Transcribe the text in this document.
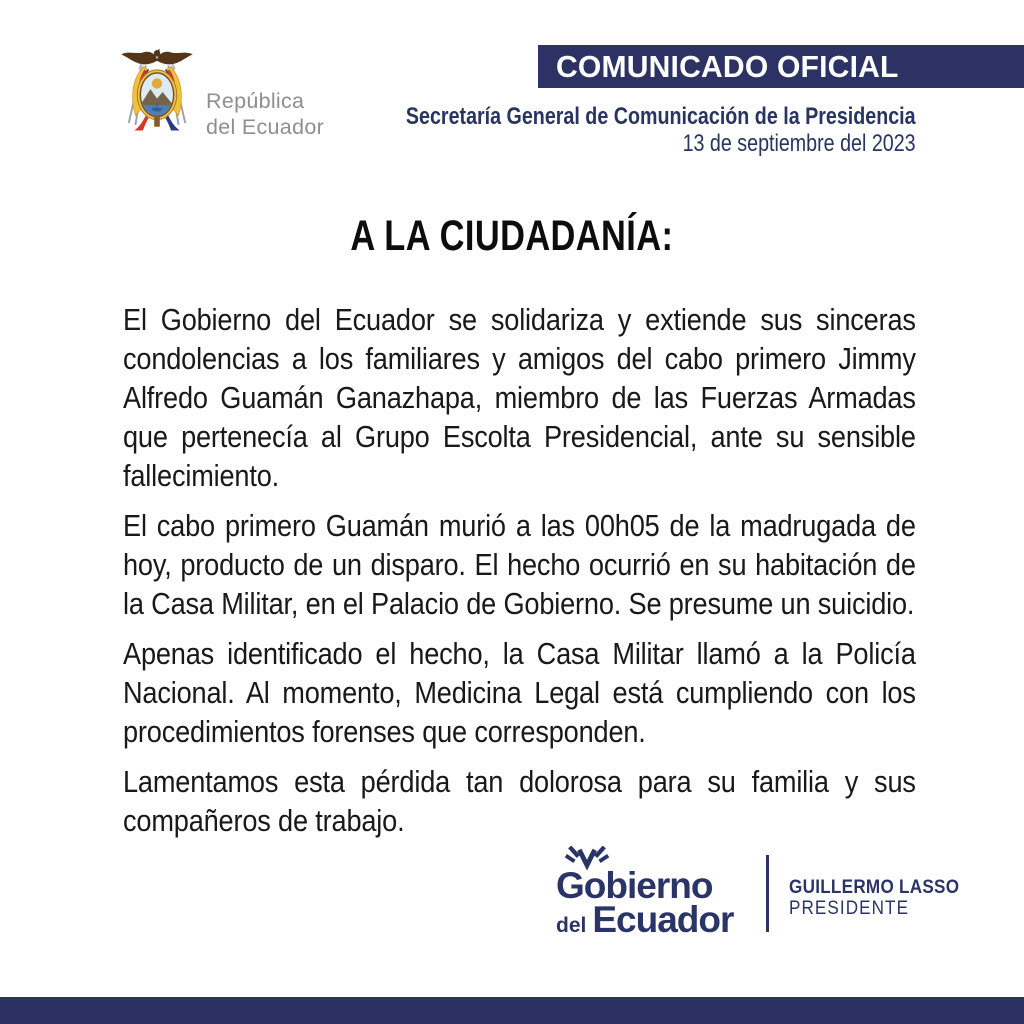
República
del Ecuador
COMUNICADO OFICIAL
Secretaría General de Comunicación de la Presidencia
13 de septiembre del 2023
A LA CIUDADANÍA:

El Gobierno del Ecuador se solidariza y extiende sus sinceras condolencias a los familiares y amigos del cabo primero Jimmy Alfredo Guamán Ganazhapa, miembro de las Fuerzas Armadas que pertenecía al Grupo Escolta Presidencial, ante su sensible fallecimiento.

El cabo primero Guamán murió a las 00h05 de la madrugada de hoy, producto de un disparo. El hecho ocurrió en su habitación de la Casa Militar, en el Palacio de Gobierno. Se presume un suicidio.

Apenas identificado el hecho, la Casa Militar llamó a la Policía Nacional. Al momento, Medicina Legal está cumpliendo con los procedimientos forenses que corresponden.

Lamentamos esta pérdida tan dolorosa para su familia y sus compañeros de trabajo.

Gobierno
del Ecuador
GUILLERMO LASSO
PRESIDENTE
